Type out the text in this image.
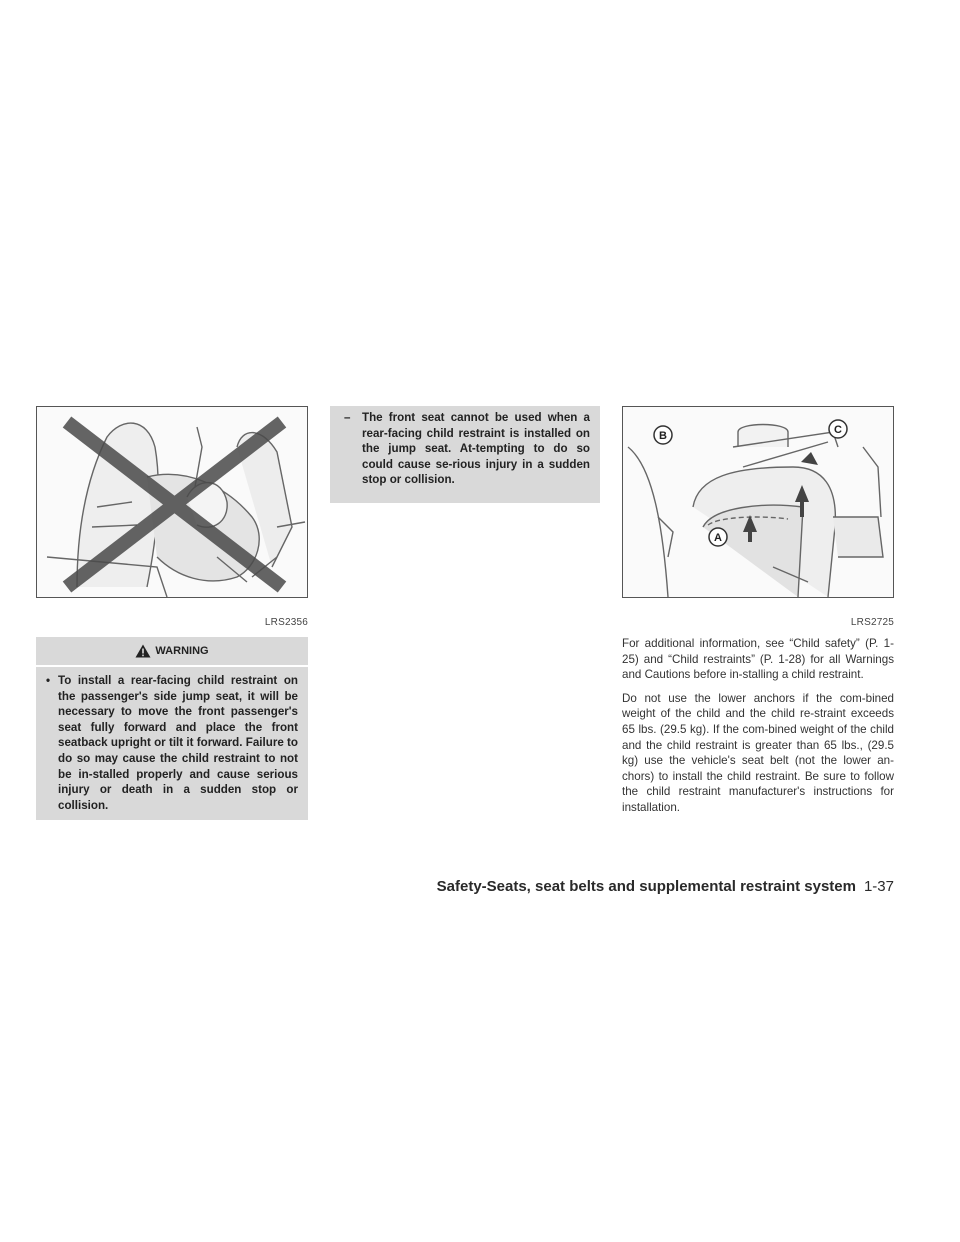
LRS2356
WARNING
• To install a rear-facing child restraint on the passenger's side jump seat, it will be necessary to move the front passenger's seat fully forward and place the front seatback upright or tilt it forward. Failure to do so may cause the child restraint to not be in-stalled properly and cause serious injury or death in a sudden stop or collision.
– The front seat cannot be used when a rear-facing child restraint is installed on the jump seat. At-tempting to do so could cause se-rious injury in a sudden stop or collision.
A
B	C
LRS2725

For additional information, see “Child safety” (P. 1-25) and “Child restraints” (P. 1-28) for all Warnings and Cautions before in-stalling a child restraint.

Do not use the lower anchors if the com-bined weight of the child and the child re-straint exceeds 65 lbs. (29.5 kg). If the com-bined weight of the child and the child restraint is greater than 65 lbs., (29.5 kg) use the vehicle's seat belt (not the lower an-chors) to install the child restraint. Be sure to follow the child restraint manufacturer's instructions for installation.

Safety-Seats, seat belts and supplemental restraint system 1-37
